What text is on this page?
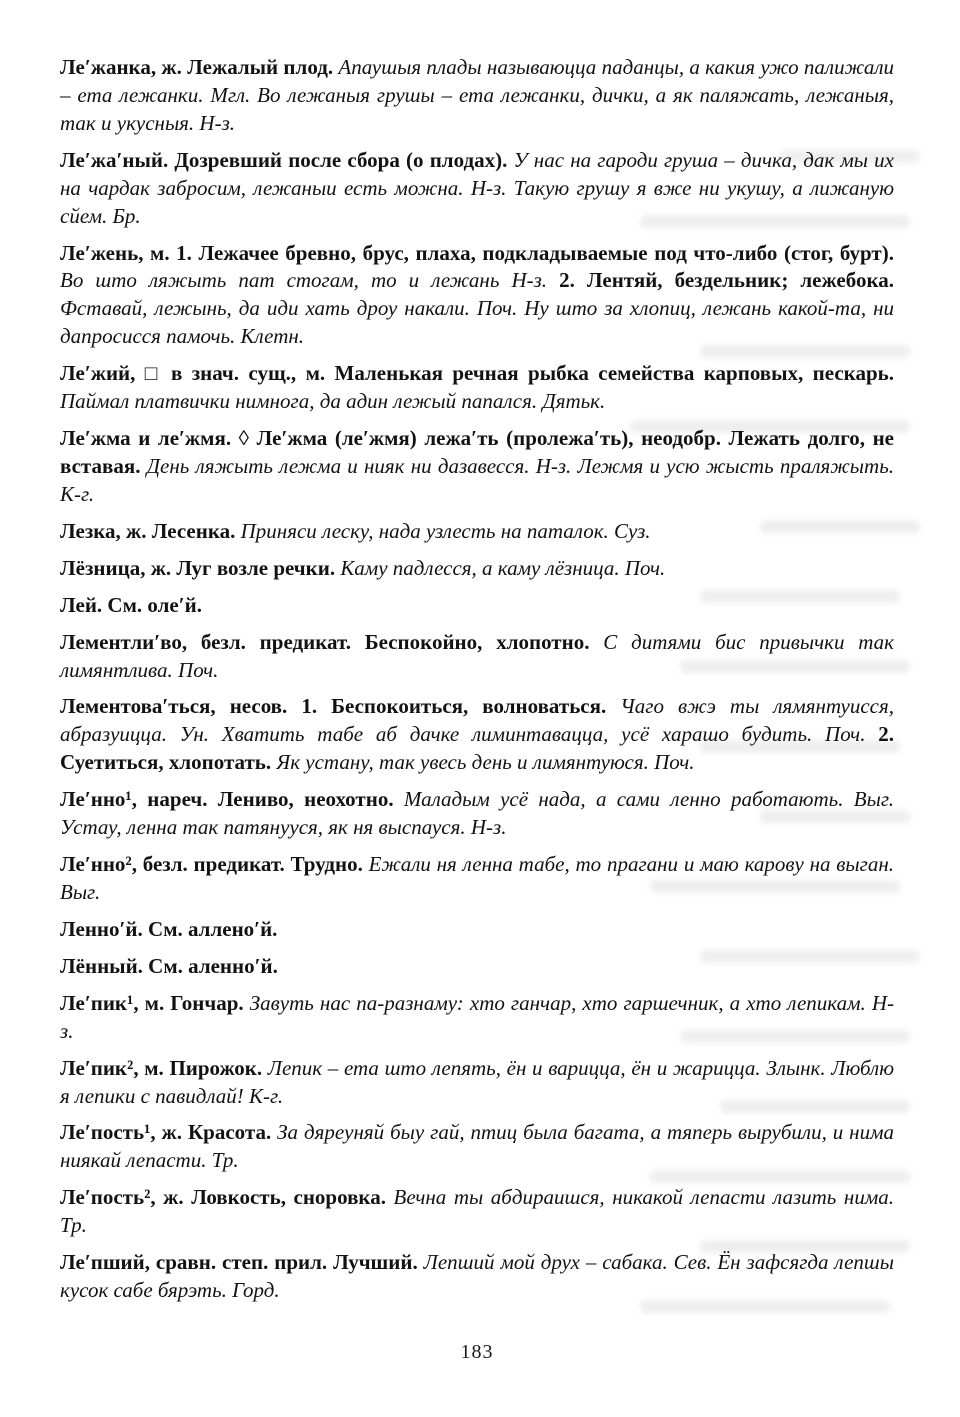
Ле′жанка, ж. Лежалый плод. Апаушыя плады называюцца паданцы, а какия ужо палижали – ета лежанки. Мгл. Во лежаныя грушы – ета лежанки, дички, а як паляжать, лежаныя, так и укусныя. Н-з.

Ле′жа′ный. Дозревший после сбора (о плодах). У нас на гароди груша – дичка, дак мы их на чардак забросим, лежаныи есть можна. Н-з. Такую грушу я вже ни укушу, а лижаную сйем. Бр.

Ле′жень, м. 1. Лежачее бревно, брус, плаха, подкладываемые под что-либо (стог, бурт). Во што ляжыть пат стогам, то и лежань Н-з. 2. Лентяй, бездельник; лежебока. Фставай, лежынь, да иди хать дроу накали. Поч. Ну што за хлопиц, лежань какой-та, ни дапросисся памочь. Клетн.

Ле′жий, □ в знач. сущ., м. Маленькая речная рыбка семейства карповых, пескарь. Паймал платвички нимнога, да адин лежый папался. Дятьк.

Ле′жма и ле′жмя. ◊ Ле′жма (ле′жмя) лежа′ть (пролежа′ть), неодобр. Лежать долго, не вставая. День ляжыть лежма и нияк ни дазавесся. Н-з. Лежмя и усю жысть праляжыть. К-г.

Лезка, ж. Лесенка. Приняси леску, нада узлесть на паталок. Суз.

Лёзница, ж. Луг возле речки. Каму падлесся, а каму лёзница. Поч.

Лей. См. оле′й.

Лементли′во, безл. предикат. Беспокойно, хлопотно. С дитями бис привычки так лимянтлива. Поч.

Лементова′ться, несов. 1. Беспокоиться, волноваться. Чаго вжэ ты лямянтуисся, абразуицца. Ун. Хватить табе аб дачке лиминтавацца, усё харашо будить. Поч. 2. Суетиться, хлопотать. Як устану, так увесь день и лимянтуюся. Поч.

Ле′нно¹, нареч. Лениво, неохотно. Маладым усё нада, а сами ленно работають. Выг. Устау, ленна так патянууся, як ня выспауся. Н-з.

Ле′нно², безл. предикат. Трудно. Ежали ня ленна табе, то прагани и маю карову на выган. Выг.

Ленно′й. См. аллено′й.

Лённый. См. аленно′й.

Ле′пик¹, м. Гончар. Завуть нас па-разнаму: хто ганчар, хто гаршечник, а хто лепикам. Н-з.

Ле′пик², м. Пирожок. Лепик – ета што лепять, ён и варицца, ён и жарицца. Злынк. Люблю я лепики с павидлай! К-г.

Ле′пость¹, ж. Красота. За дяреуняй быу гай, птиц была багата, а тяперь вырубили, и нима ниякай лепасти. Тр.

Ле′пость², ж. Ловкость, сноровка. Вечна ты абдираишся, никакой лепасти лазить нима. Тр.

Ле′пший, сравн. степ. прил. Лучший. Лепший мой друх – сабака. Сев. Ён зафсягда лепшы кусок сабе бярэть. Горд.

183
